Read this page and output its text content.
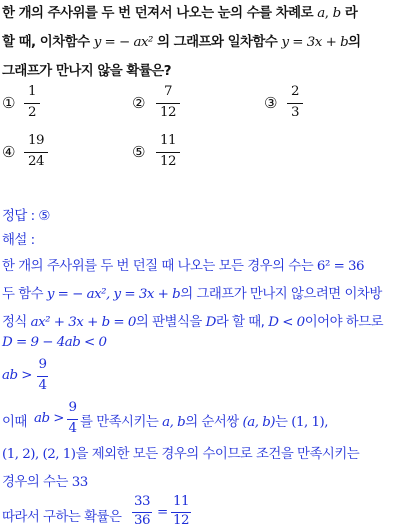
한 개의 주사위를 두 번 던져서 나오는 눈의 수를 차례로 a, b 라
할 때, 이차함수 y = − ax² 의 그래프와 일차함수 y = 3x + b의
그래프가 만나지 않을 확률은?
①
1
2
②
7
12
③
2
3
④
19
24
⑤
11
12
정답 : ⑤
해설 :
한 개의 주사위를 두 번 던질 때 나오는 모든 경우의 수는 6² = 36
두 함수 y = − ax², y = 3x + b의 그래프가 만나지 않으려면 이차방
정식 ax² + 3x + b = 0의 판별식을 D라 할 때, D < 0이어야 하므로
D = 9 − 4ab < 0
ab >
9
4
이때 ab >
9
4 를 만족시키는 a, b의 순서쌍 (a, b)는 (1, 1),
(1, 2), (2, 1)을 제외한 모든 경우의 수이므로 조건을 만족시키는
경우의 수는 33
따라서 구하는 확률은
33
36
=
11
12
